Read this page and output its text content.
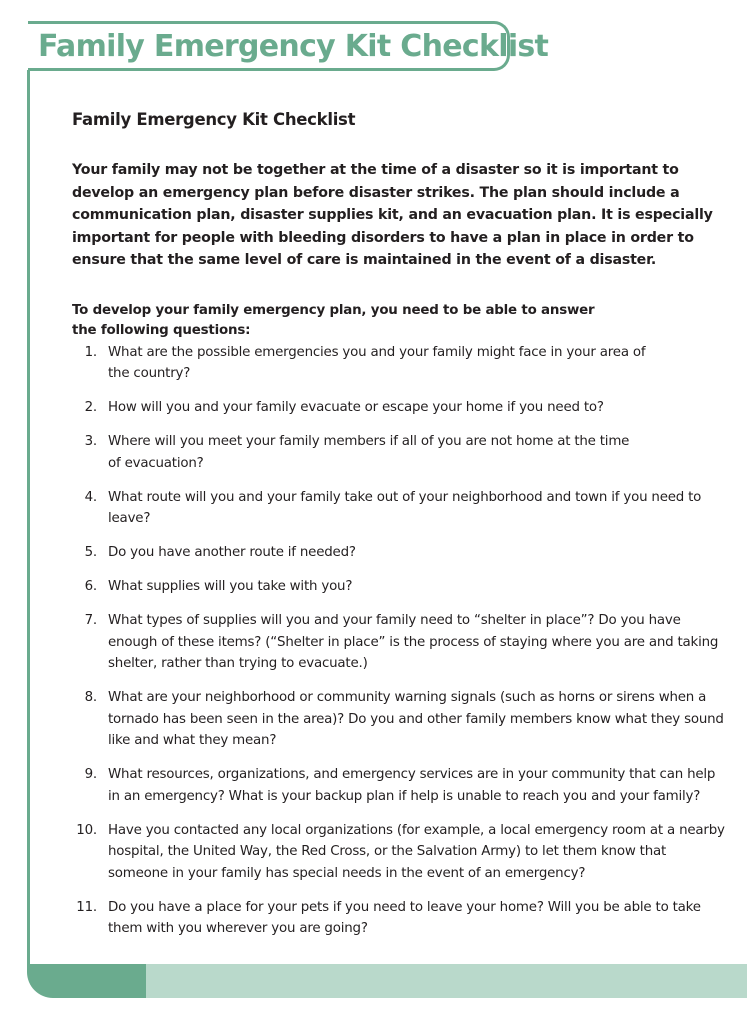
Family Emergency Kit Checklist
Family Emergency Kit Checklist

Your family may not be together at the time of a disaster so it is important to develop an emergency plan before disaster strikes. The plan should include a communication plan, disaster supplies kit, and an evacuation plan. It is especially important for people with bleeding disorders to have a plan in place in order to ensure that the same level of care is maintained in the event of a disaster.

To develop your family emergency plan, you need to be able to answer the following questions:

1. What are the possible emergencies you and your family might face in your area of the country?
2. How will you and your family evacuate or escape your home if you need to?
3. Where will you meet your family members if all of you are not home at the time of evacuation?
4. What route will you and your family take out of your neighborhood and town if you need to leave?
5. Do you have another route if needed?
6. What supplies will you take with you?
7. What types of supplies will you and your family need to “shelter in place”? Do you have enough of these items? (“Shelter in place” is the process of staying where you are and taking shelter, rather than trying to evacuate.)
8. What are your neighborhood or community warning signals (such as horns or sirens when a tornado has been seen in the area)? Do you and other family members know what they sound like and what they mean?
9. What resources, organizations, and emergency services are in your community that can help in an emergency? What is your backup plan if help is unable to reach you and your family?
10. Have you contacted any local organizations (for example, a local emergency room at a nearby hospital, the United Way, the Red Cross, or the Salvation Army) to let them know that someone in your family has special needs in the event of an emergency?
11. Do you have a place for your pets if you need to leave your home? Will you be able to take them with you wherever you are going?
